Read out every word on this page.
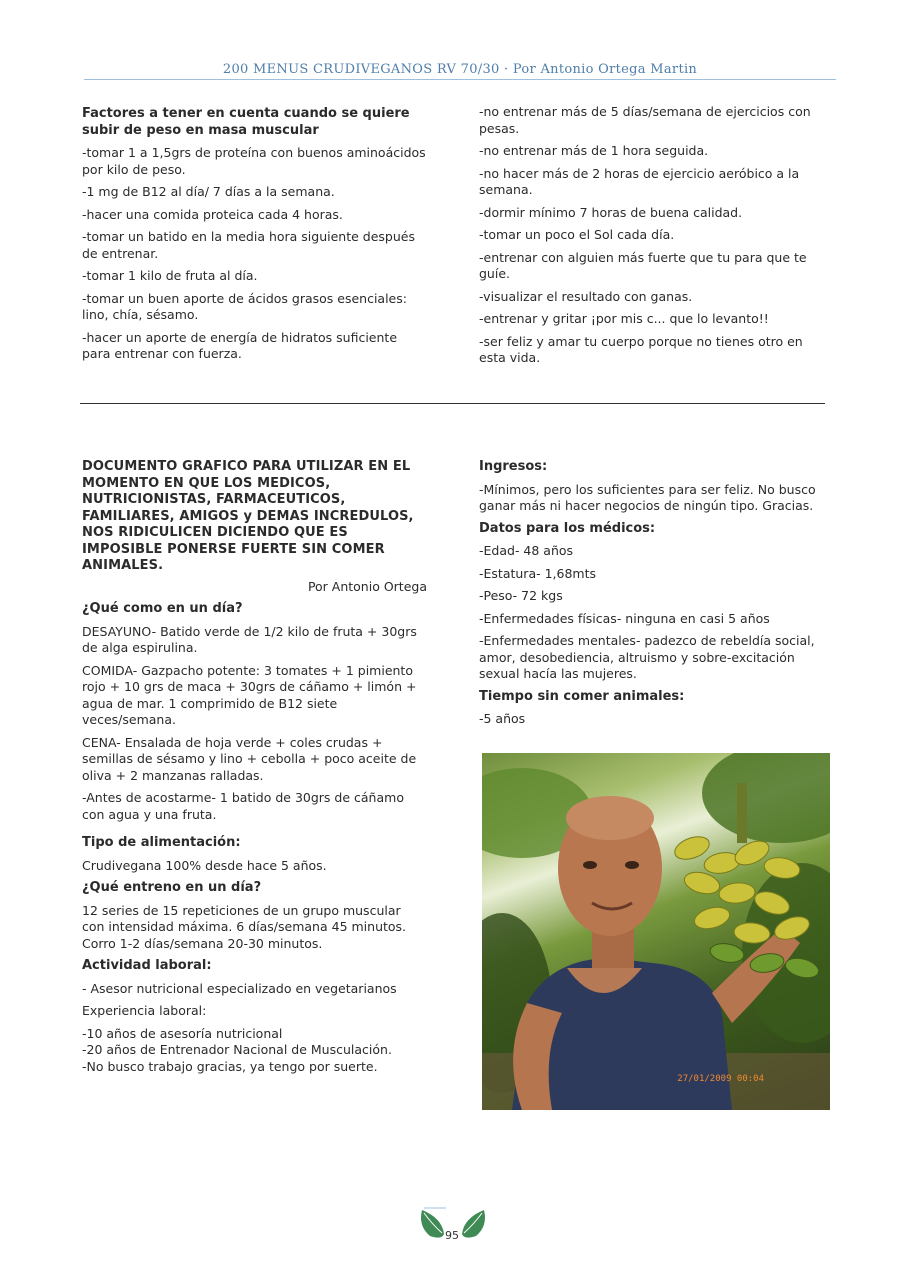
200 MENUS CRUDIVEGANOS RV 70/30 · Por Antonio Ortega Martin
Factores a tener en cuenta cuando se quiere subir de peso en masa muscular

-tomar 1 a 1,5grs de proteína con buenos aminoácidos por kilo de peso.

-1 mg de B12 al día/ 7 días a la semana.

-hacer una comida proteica cada 4 horas.

-tomar un batido en la media hora siguiente después de entrenar.

-tomar 1 kilo de fruta al día.

-tomar un buen aporte de ácidos grasos esenciales: lino, chía, sésamo.

-hacer un aporte de energía de hidratos suficiente para entrenar con fuerza.

-no entrenar más de 5 días/semana de ejercicios con pesas.

-no entrenar más de 1 hora seguida.

-no hacer más de 2 horas de ejercicio aeróbico a la semana.

-dormir mínimo 7 horas de buena calidad.

-tomar un poco el Sol cada día.

-entrenar con alguien más fuerte que tu para que te guíe.

-visualizar el resultado con ganas.

-entrenar y gritar ¡por mis c... que lo levanto!!

-ser feliz y amar tu cuerpo porque no tienes otro en esta vida.

DOCUMENTO GRAFICO PARA UTILIZAR EN EL MOMENTO EN QUE LOS MEDICOS, NUTRICIONISTAS, FARMACEUTICOS, FAMILIARES, AMIGOS y DEMAS INCREDULOS, NOS RIDICULICEN DICIENDO QUE ES IMPOSIBLE PONERSE FUERTE SIN COMER ANIMALES.

Por Antonio Ortega

¿Qué como en un día?

DESAYUNO- Batido verde de 1/2 kilo de fruta + 30grs de alga espirulina.

COMIDA- Gazpacho potente: 3 tomates + 1 pimiento rojo + 10 grs de maca + 30grs de cáñamo + limón + agua de mar. 1 comprimido de B12 siete veces/semana.

CENA- Ensalada de hoja verde + coles crudas + semillas de sésamo y lino + cebolla + poco aceite de oliva + 2 manzanas ralladas.

-Antes de acostarme- 1 batido de 30grs de cáñamo con agua y una fruta.

Tipo de alimentación:

Crudivegana 100% desde hace 5 años.

¿Qué entreno en un día?

12 series de 15 repeticiones de un grupo muscular con intensidad máxima. 6 días/semana 45 minutos. Corro 1-2 días/semana 20-30 minutos.

Actividad laboral:

- Asesor nutricional especializado en vegetarianos

Experiencia laboral:

-10 años de asesoría nutricional

-20 años de Entrenador Nacional de Musculación.

-No busco trabajo gracias, ya tengo por suerte.

Ingresos:

-Mínimos, pero los suficientes para ser feliz. No busco ganar más ni hacer negocios de ningún tipo. Gracias.

Datos para los médicos:

-Edad- 48 años

-Estatura- 1,68mts

-Peso- 72 kgs

-Enfermedades físicas- ninguna en casi 5 años

-Enfermedades mentales- padezco de rebeldía social, amor, desobediencia, altruismo y sobre-excitación sexual hacía las mujeres.

Tiempo sin comer animales:

-5 años

27/01/2009 00:04
95
